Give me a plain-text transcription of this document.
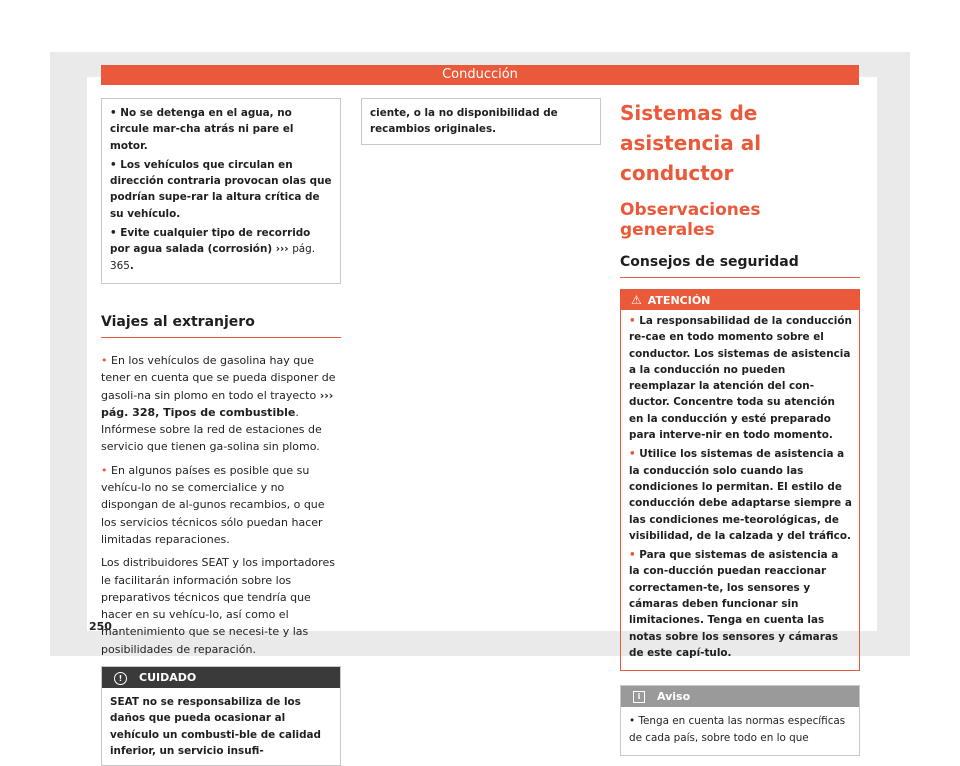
Conducción

• No se detenga en el agua, no circule mar-cha atrás ni pare el motor.

• Los vehículos que circulan en dirección contraria provocan olas que podrían supe-rar la altura crítica de su vehículo.

• Evite cualquier tipo de recorrido por agua salada (corrosión) ››› pág. 365.

Viajes al extranjero

• En los vehículos de gasolina hay que tener en cuenta que se pueda disponer de gasoli-na sin plomo en todo el trayecto ››› pág. 328, Tipos de combustible. Infórmese sobre la red de estaciones de servicio que tienen ga-solina sin plomo.

• En algunos países es posible que su vehícu-lo no se comercialice y no dispongan de al-gunos recambios, o que los servicios técnicos sólo puedan hacer limitadas reparaciones.

Los distribuidores SEAT y los importadores le facilitarán información sobre los preparativos técnicos que tendría que hacer en su vehícu-lo, así como el mantenimiento que se necesi-te y las posibilidades de reparación.

! CUIDADO
SEAT no se responsabiliza de los daños que pueda ocasionar al vehículo un combusti-ble de calidad inferior, un servicio insufi-
ciente, o la no disponibilidad de recambios originales.
Sistemas de asistencia al conductor
Observaciones generales
Consejos de seguridad
⚠ ATENCIÓN

• La responsabilidad de la conducción re-cae en todo momento sobre el conductor. Los sistemas de asistencia a la conducción no pueden reemplazar la atención del con-ductor. Concentre toda su atención en la conducción y esté preparado para interve-nir en todo momento.

• Utilice los sistemas de asistencia a la conducción solo cuando las condiciones lo permitan. El estilo de conducción debe adaptarse siempre a las condiciones me-teorológicas, de visibilidad, de la calzada y del tráfico.

• Para que sistemas de asistencia a la con-ducción puedan reaccionar correctamen-te, los sensores y cámaras deben funcionar sin limitaciones. Tenga en cuenta las notas sobre los sensores y cámaras de este capí-tulo.

i Aviso

• Tenga en cuenta las normas específicas de cada país, sobre todo en lo que

250
